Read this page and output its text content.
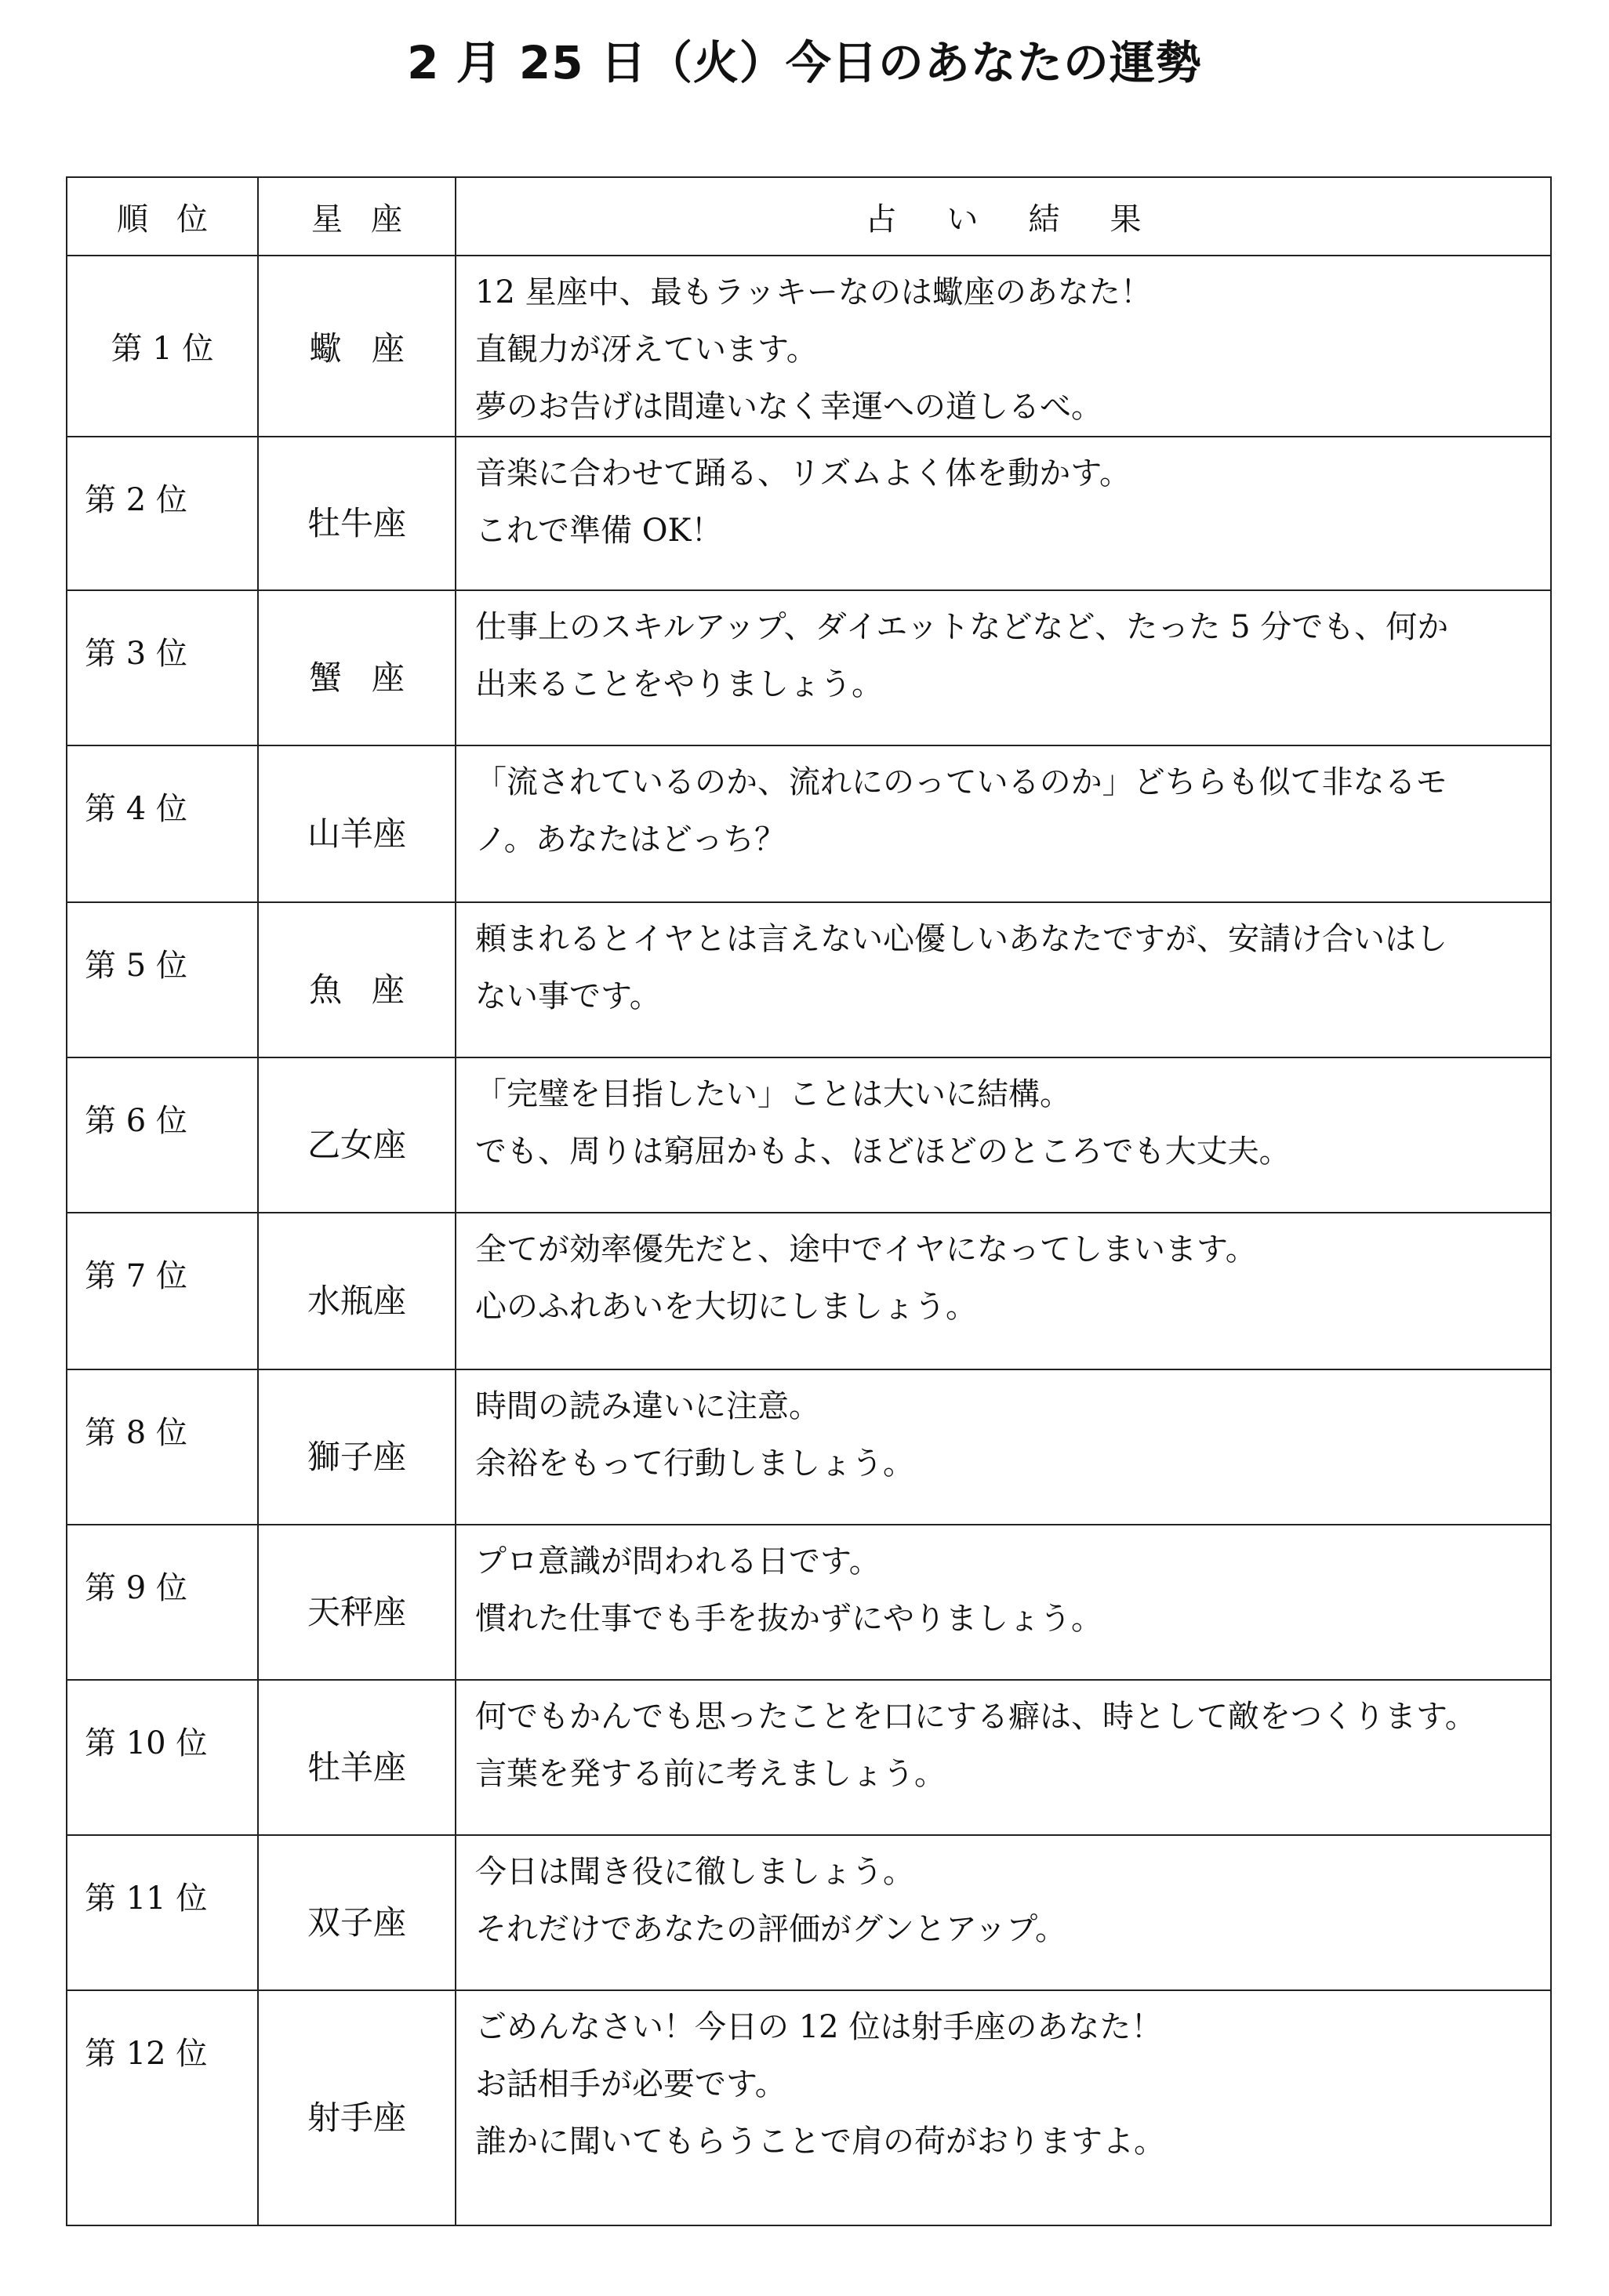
2 月 25 日（火）今日のあなたの運勢
順位	星座	占い結果
第 1 位	蠍座	12 星座中、最もラッキーなのは蠍座のあなた！
直観力が冴えています。
夢のお告げは間違いなく幸運への道しるべ。

第 2 位	牡牛座	音楽に合わせて踊る、リズムよく体を動かす。
これで準備 OK！

第 3 位	蟹座	仕事上のスキルアップ、ダイエットなどなど、たった 5 分でも、何か
出来ることをやりましょう。

第 4 位	山羊座	「流されているのか、流れにのっているのか」どちらも似て非なるモ
ノ。あなたはどっち？

第 5 位	魚座	頼まれるとイヤとは言えない心優しいあなたですが、安請け合いはし
ない事です。

第 6 位	乙女座	「完璧を目指したい」ことは大いに結構。
でも、周りは窮屈かもよ、ほどほどのところでも大丈夫。

第 7 位	水瓶座	全てが効率優先だと、途中でイヤになってしまいます。
心のふれあいを大切にしましょう。

第 8 位	獅子座	時間の読み違いに注意。
余裕をもって行動しましょう。

第 9 位	天秤座	プロ意識が問われる日です。
慣れた仕事でも手を抜かずにやりましょう。

第 10 位	牡羊座	何でもかんでも思ったことを口にする癖は、時として敵をつくります。
言葉を発する前に考えましょう。

第 11 位	双子座	今日は聞き役に徹しましょう。
それだけであなたの評価がグンとアップ。

第 12 位	射手座	ごめんなさい！今日の 12 位は射手座のあなた！
お話相手が必要です。
誰かに聞いてもらうことで肩の荷がおりますよ。
